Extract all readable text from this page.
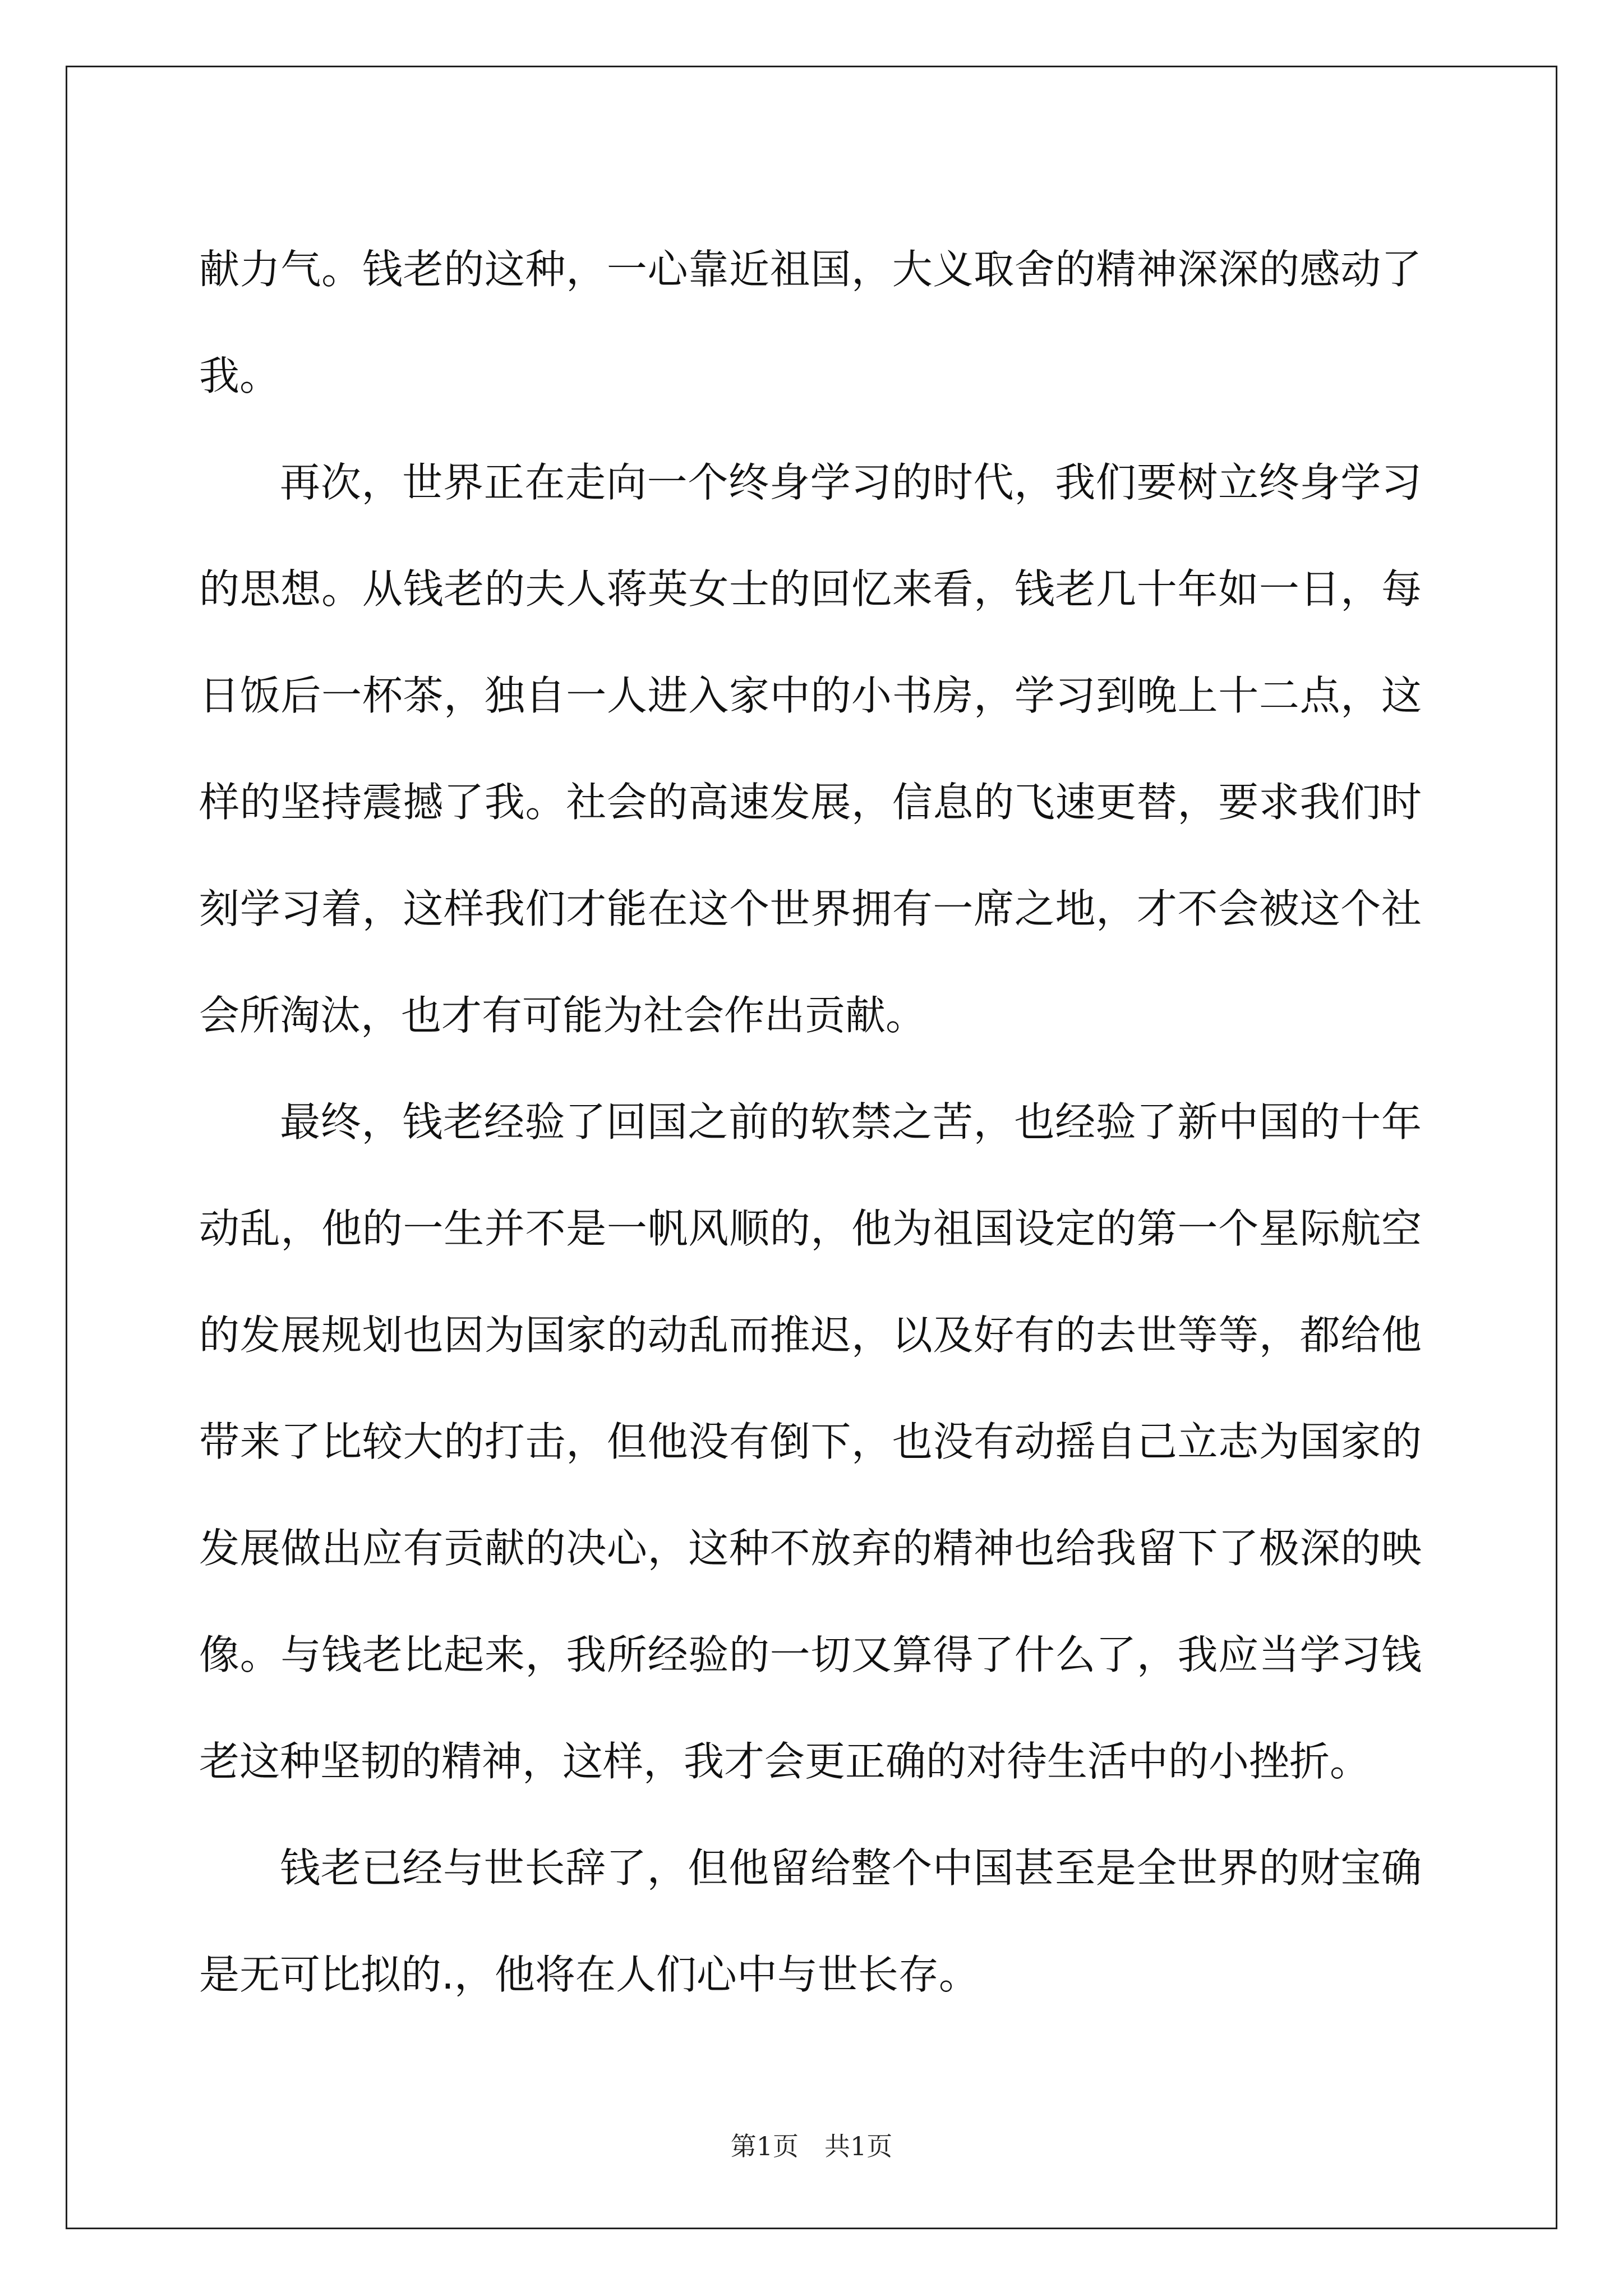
献力气。钱老的这种，一心靠近祖国，大义取舍的精神深深的感动了我。

再次，世界正在走向一个终身学习的时代，我们要树立终身学习的思想。从钱老的夫人蒋英女士的回忆来看，钱老几十年如一日，每日饭后一杯茶，独自一人进入家中的小书房，学习到晚上十二点，这样的坚持震撼了我。社会的高速发展，信息的飞速更替，要求我们时刻学习着，这样我们才能在这个世界拥有一席之地，才不会被这个社会所淘汰，也才有可能为社会作出贡献。

最终，钱老经验了回国之前的软禁之苦，也经验了新中国的十年动乱，他的一生并不是一帆风顺的，他为祖国设定的第一个星际航空的发展规划也因为国家的动乱而推迟，以及好有的去世等等，都给他带来了比较大的打击，但他没有倒下，也没有动摇自己立志为国家的发展做出应有贡献的决心，这种不放弃的精神也给我留下了极深的映像。与钱老比起来，我所经验的一切又算得了什么了，我应当学习钱老这种坚韧的精神，这样，我才会更正确的对待生活中的小挫折。

钱老已经与世长辞了，但他留给整个中国甚至是全世界的财宝确是无可比拟的.，他将在人们心中与世长存。

第1页 共1页
